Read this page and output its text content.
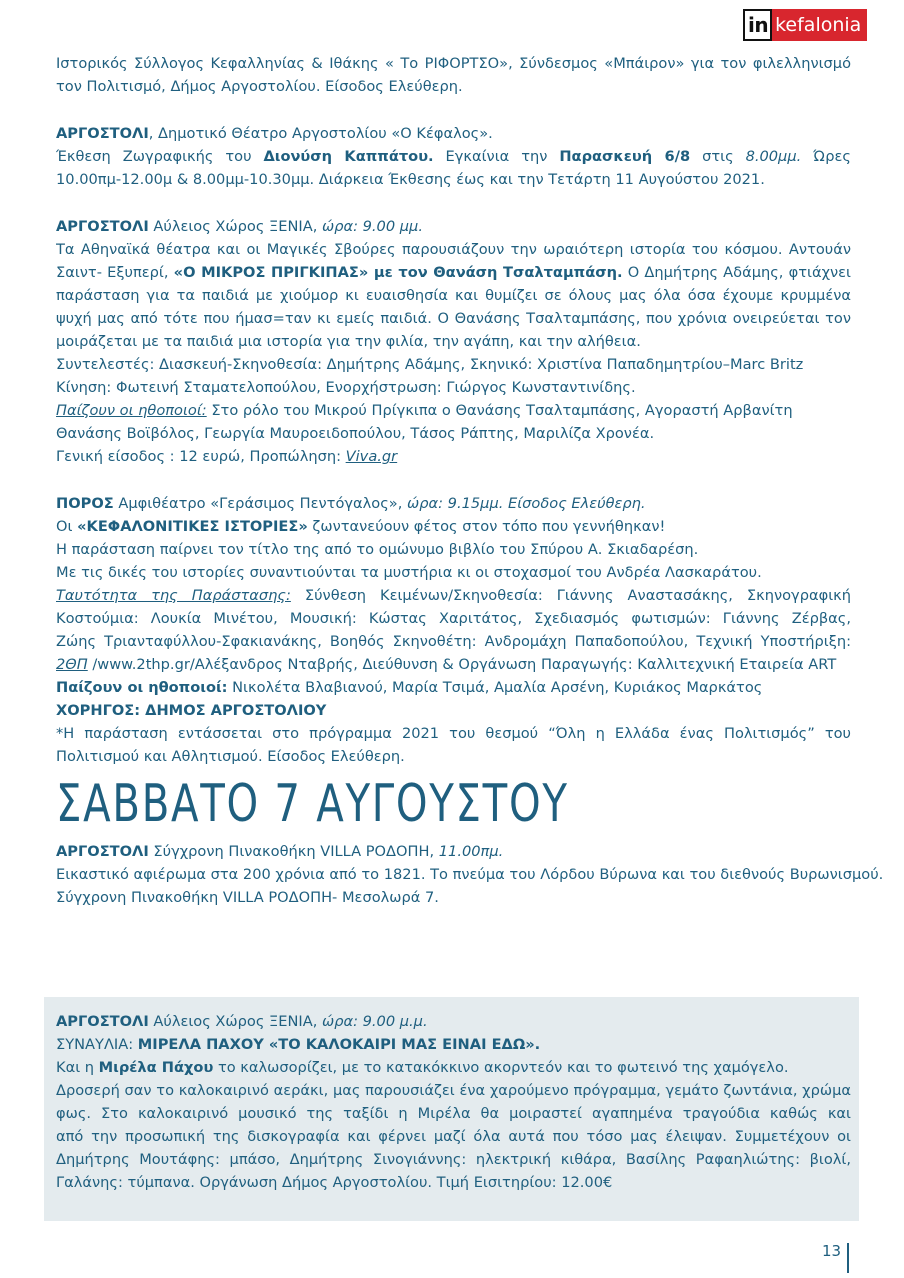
in kefalonia
Ιστορικός Σύλλογος Κεφαλληνίας & Ιθάκης « Το ΡΙΦΟΡΤΣΟ», Σύνδεσμος «Μπάιρον» για τον φιλελληνισμό
τον Πολιτισμό, Δήμος Αργοστολίου. Είσοδος Ελεύθερη.
ΑΡΓΟΣΤΟΛΙ, Δημοτικό Θέατρο Αργοστολίου «Ο Κέφαλος».
Έκθεση Ζωγραφικής του Διονύση Καππάτου. Εγκαίνια την Παρασκευή 6/8 στις 8.00μμ. Ώρες
10.00πμ-12.00μ & 8.00μμ-10.30μμ. Διάρκεια Έκθεσης έως και την Τετάρτη 11 Αυγούστου 2021.
ΑΡΓΟΣΤΟΛΙ Αύλειος Χώρος ΞΕΝΙΑ, ώρα: 9.00 μμ.
Τα Αθηναϊκά θέατρα και οι Μαγικές Σβούρες παρουσιάζουν την ωραιότερη ιστορία του κόσμου. Αντουάν
Σαιντ- Εξυπερί, «Ο ΜΙΚΡΟΣ ΠΡΙΓΚΙΠΑΣ» με τον Θανάση Τσαλταμπάση. Ο Δημήτρης Αδάμης, φτιάχνει
παράσταση για τα παιδιά με χιούμορ κι ευαισθησία και θυμίζει σε όλους μας όλα όσα έχουμε κρυμμένα
ψυχή μας από τότε που ήμασ=ταν κι εμείς παιδιά. Ο Θανάσης Τσαλταμπάσης, που χρόνια ονειρεύεται τον
μοιράζεται με τα παιδιά μια ιστορία για την φιλία, την αγάπη, και την αλήθεια.
Συντελεστές: Διασκευή-Σκηνοθεσία: Δημήτρης Αδάμης, Σκηνικό: Χριστίνα Παπαδημητρίου–Marc Britz
Κίνηση: Φωτεινή Σταματελοπούλου, Ενορχήστρωση: Γιώργος Κωνσταντινίδης.
Παίζουν οι ηθοποιοί: Στο ρόλο του Μικρού Πρίγκιπα ο Θανάσης Τσαλταμπάσης, Αγοραστή Αρβανίτη
Θανάσης Βοϊβόλος, Γεωργία Μαυροειδοπούλου, Τάσος Ράπτης, Μαριλίζα Χρονέα.
Γενική είσοδος : 12 ευρώ, Προπώληση: Viva.gr
ΠΟΡΟΣ Αμφιθέατρο «Γεράσιμος Πεντόγαλος», ώρα: 9.15μμ. Είσοδος Ελεύθερη.
Οι «ΚΕΦΑΛΟΝΙΤΙΚΕΣ ΙΣΤΟΡΙΕΣ» ζωντανεύουν φέτος στον τόπο που γεννήθηκαν!
Η παράσταση παίρνει τον τίτλο της από το ομώνυμο βιβλίο του Σπύρου Α. Σκιαδαρέση.
Με τις δικές του ιστορίες συναντιούνται τα μυστήρια κι οι στοχασμοί του Ανδρέα Λασκαράτου.
Ταυτότητα της Παράστασης: Σύνθεση Κειμένων/Σκηνοθεσία: Γιάννης Αναστασάκης, Σκηνογραφική
Κοστούμια: Λουκία Μινέτου, Μουσική: Κώστας Χαριτάτος, Σχεδιασμός φωτισμών: Γιάννης Ζέρβας,
Ζώης Τριανταφύλλου-Σφακιανάκης, Βοηθός Σκηνοθέτη: Ανδρομάχη Παπαδοπούλου, Τεχνική Υποστήριξη:
2ΘΠ /www.2thp.gr/Αλέξανδρος Νταβρής, Διεύθυνση & Οργάνωση Παραγωγής: Καλλιτεχνική Εταιρεία ART
Παίζουν οι ηθοποιοί: Νικολέτα Βλαβιανού, Μαρία Τσιμά, Αμαλία Αρσένη, Κυριάκος Μαρκάτος
ΧΟΡΗΓΟΣ: ΔΗΜΟΣ ΑΡΓΟΣΤΟΛΙΟΥ
*Η παράσταση εντάσσεται στο πρόγραμμα 2021 του θεσμού “Όλη η Ελλάδα ένας Πολιτισμός” του
Πολιτισμού και Αθλητισμού. Είσοδος Ελεύθερη.
ΣΑΒΒΑΤΟ 7 ΑΥΓΟΥΣΤΟΥ
ΑΡΓΟΣΤΟΛΙ Σύγχρονη Πινακοθήκη VILLA ΡΟΔΟΠΗ, 11.00πμ.
Εικαστικό αφιέρωμα στα 200 χρόνια από το 1821. Το πνεύμα του Λόρδου Βύρωνα και του διεθνούς Βυρωνισμού.
Σύγχρονη Πινακοθήκη VILLA ΡΟΔΟΠΗ- Μεσολωρά 7.
ΑΡΓΟΣΤΟΛΙ Αύλειος Χώρος ΞΕΝΙΑ, ώρα: 9.00 μ.μ.
ΣΥΝΑΥΛΙΑ: ΜΙΡΕΛΑ ΠΑΧΟΥ «ΤΟ ΚΑΛΟΚΑΙΡΙ ΜΑΣ ΕΙΝΑΙ ΕΔΩ».
Και η Μιρέλα Πάχου το καλωσορίζει, με το κατακόκκινο ακορντεόν και το φωτεινό της χαμόγελο.
Δροσερή σαν το καλοκαιρινό αεράκι, μας παρουσιάζει ένα χαρούμενο πρόγραμμα, γεμάτο ζωντάνια, χρώμα
φως. Στο καλοκαιρινό μουσικό της ταξίδι η Μιρέλα θα μοιραστεί αγαπημένα τραγούδια καθώς και
από την προσωπική της δισκογραφία και φέρνει μαζί όλα αυτά που τόσο μας έλειψαν. Συμμετέχουν οι
Δημήτρης Μουτάφης: μπάσο, Δημήτρης Σινογιάννης: ηλεκτρική κιθάρα, Βασίλης Ραφαηλιώτης: βιολί,
Γαλάνης: τύμπανα. Οργάνωση Δήμος Αργοστολίου. Τιμή Εισιτηρίου: 12.00€
13
